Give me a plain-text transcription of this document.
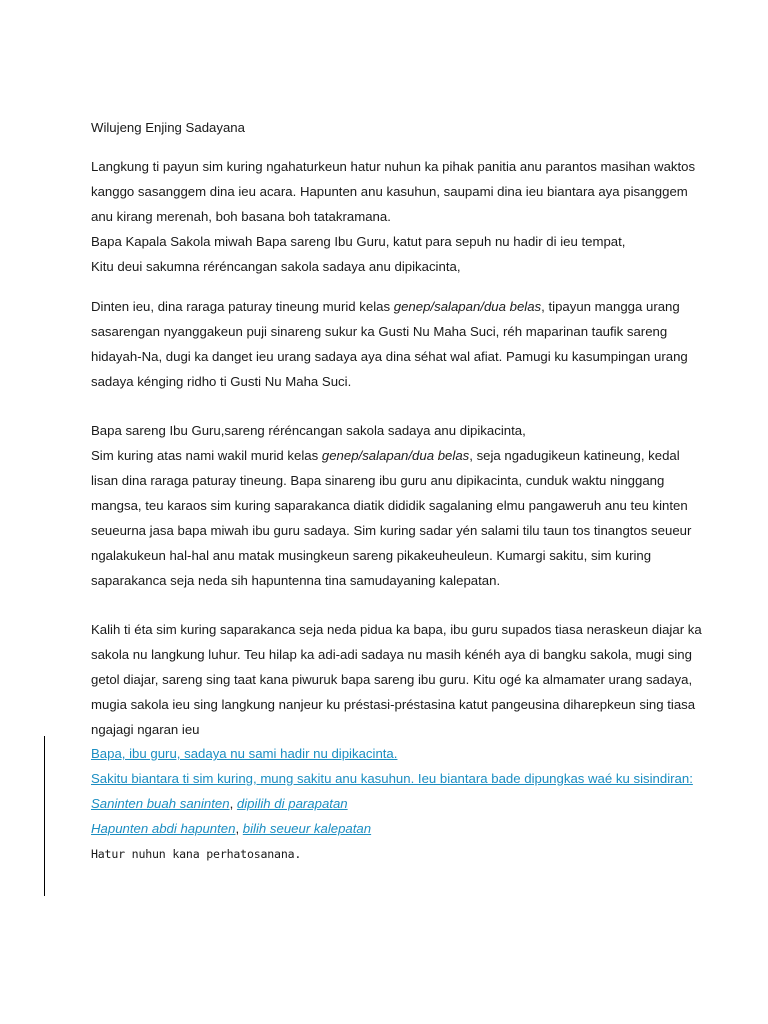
Wilujeng Enjing Sadayana
Langkung ti payun sim kuring ngahaturkeun hatur nuhun ka pihak panitia anu parantos masihan waktos
kanggo sasanggem dina ieu acara. Hapunten anu kasuhun, saupami dina ieu biantara aya pisanggem
anu kirang merenah, boh basana boh tatakramana.
Bapa Kapala Sakola miwah Bapa sareng Ibu Guru, katut para sepuh nu hadir di ieu tempat,
Kitu deui sakumna réréncangan sakola sadaya anu dipikacinta,
Dinten ieu, dina raraga paturay tineung murid kelas genep/salapan/dua belas, tipayun mangga urang
sasarengan nyanggakeun puji sinareng sukur ka Gusti Nu Maha Suci, réh maparinan taufik sareng
hidayah-Na, dugi ka danget ieu urang sadaya aya dina séhat wal afiat. Pamugi ku kasumpingan urang
sadaya kénging ridho ti Gusti Nu Maha Suci.
Bapa sareng Ibu Guru,sareng réréncangan sakola sadaya anu dipikacinta,
Sim kuring atas nami wakil murid kelas genep/salapan/dua belas, seja ngadugikeun katineung, kedal
lisan dina raraga paturay tineung. Bapa sinareng ibu guru anu dipikacinta, cunduk waktu ninggang
mangsa, teu karaos sim kuring saparakanca diatik dididik sagalaning elmu pangaweruh anu teu kinten
seueurna jasa bapa miwah ibu guru sadaya. Sim kuring sadar yén salami tilu taun tos tinangtos seueur
ngalakukeun hal-hal anu matak musingkeun sareng pikakeuheuleun. Kumargi sakitu, sim kuring
saparakanca seja neda sih hapuntenna tina samudayaning kalepatan.
Kalih ti éta sim kuring saparakanca seja neda pidua ka bapa, ibu guru supados tiasa neraskeun diajar ka
sakola nu langkung luhur. Teu hilap ka adi-adi sadaya nu masih kénéh aya di bangku sakola, mugi sing
getol diajar, sareng sing taat kana piwuruk bapa sareng ibu guru. Kitu ogé ka almamater urang sadaya,
mugia sakola ieu sing langkung nanjeur ku préstasi-préstasina katut pangeusina diharepkeun sing tiasa
ngajagi ngaran ieu
Bapa, ibu guru, sadaya nu sami hadir nu dipikacinta.
Sakitu biantara ti sim kuring, mung sakitu anu kasuhun. Ieu biantara bade dipungkas waé ku sisindiran:
Saninten buah saninten, dipilih di parapatan
Hapunten abdi hapunten, bilih seueur kalepatan
Hatur nuhun kana perhatosanana.
